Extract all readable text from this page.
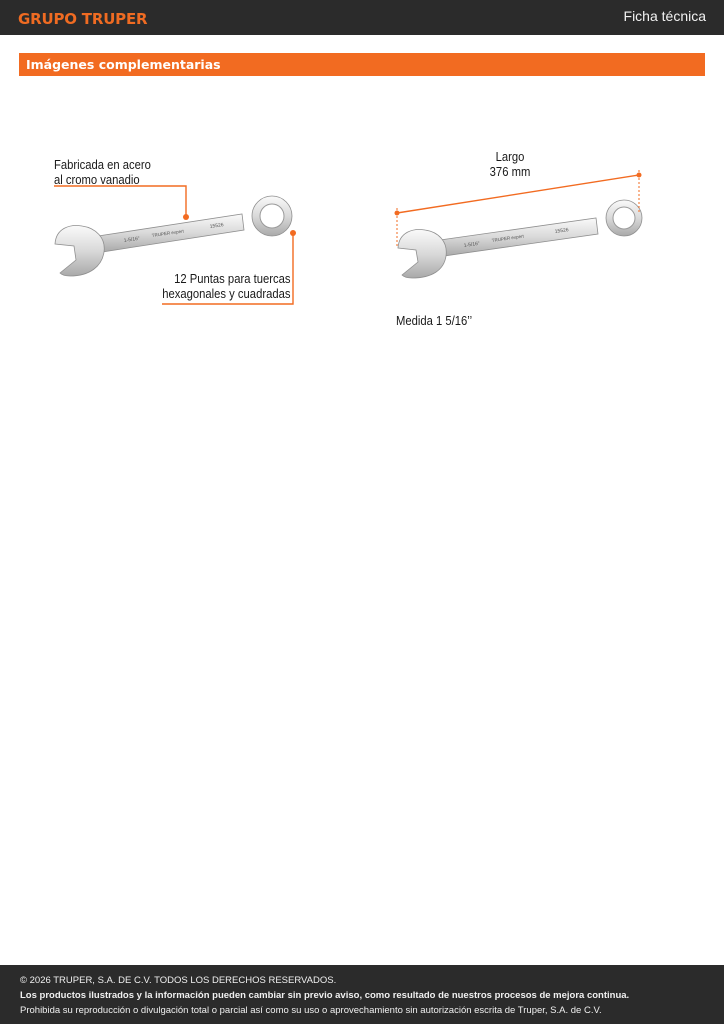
GRUPO TRUPER	Ficha técnica
Imágenes complementarias
1-5/16"
TRUPER expert
15526
Fabricada en acero
al cromo vanadio
12 Puntas para tuercas
hexagonales y cuadradas
1-5/16"
TRUPER expert
15526
Largo
376 mm
Medida 1 5/16’’

© 2026 TRUPER, S.A. DE C.V. TODOS LOS DERECHOS RESERVADOS.

Los productos ilustrados y la información pueden cambiar sin previo aviso, como resultado de nuestros procesos de mejora continua.

Prohibida su reproducción o divulgación total o parcial así como su uso o aprovechamiento sin autorización escrita de Truper, S.A. de C.V.
